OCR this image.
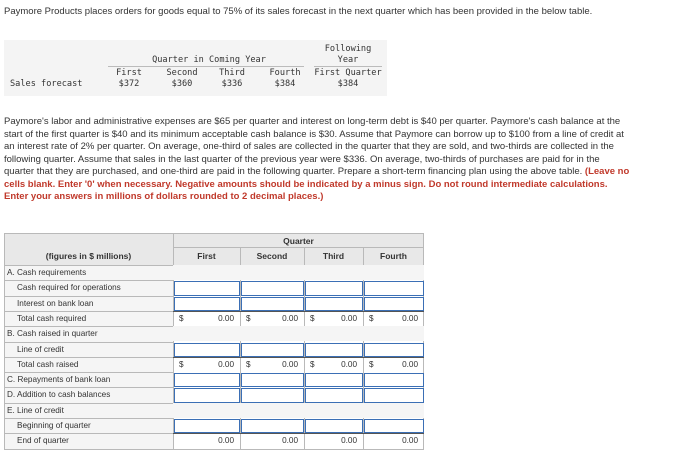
Paymore Products places orders for goods equal to 75% of its sales forecast in the next quarter which has been provided in the below table.

Following
Year
Quarter in Coming Year
First	Second	Third	Fourth	First Quarter
Sales forecast	$372	$360	$336	$384	$384

Paymore's labor and administrative expenses are $65 per quarter and interest on long-term debt is $40 per quarter. Paymore's cash balance at the start of the first quarter is $40 and its minimum acceptable cash balance is $30. Assume that Paymore can borrow up to $100 from a line of credit at an interest rate of 2% per quarter. On average, one-third of sales are collected in the quarter that they are sold, and two-thirds are collected in the following quarter. Assume that sales in the last quarter of the previous year were $336. On average, two-thirds of purchases are paid for in the quarter that they are purchased, and one-third are paid in the following quarter. Prepare a short-term financing plan using the above table. (Leave no cells blank. Enter '0' when necessary. Negative amounts should be indicated by a minus sign. Do not round intermediate calculations. Enter your answers in millions of dollars rounded to 2 decimal places.)

Quarter
(figures in $ millions)	First	Second	Third	Fourth
A. Cash requirements
Cash required for operations
Interest on bank loan
Total cash required	$	0.00 $	0.00 $	0.00 $	0.00
B. Cash raised in quarter
Line of credit
Total cash raised	$	0.00 $	0.00 $	0.00 $	0.00
C. Repayments of bank loan
D. Addition to cash balances
E. Line of credit
Beginning of quarter
End of quarter	0.00	0.00	0.00	0.00
